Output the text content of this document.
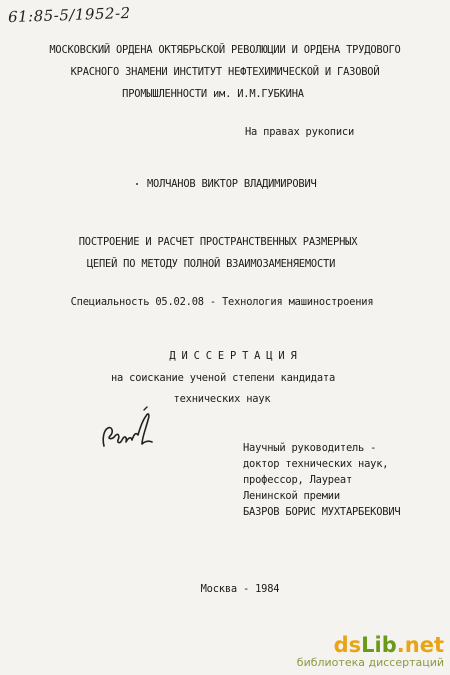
61:85-5/1952-2
МОСКОВСКИЙ ОРДЕНА ОКТЯБРЬСКОЙ РЕВОЛЮЦИИ И ОРДЕНА ТРУДОВОГО
КРАСНОГО ЗНАМЕНИ ИНСТИТУТ НЕФТЕХИМИЧЕСКОЙ И ГАЗОВОЙ
ПРОМЫШЛЕННОСТИ им. И.М.ГУБКИНА
На правах рукописи
МОЛЧАНОВ ВИКТОР ВЛАДИМИРОВИЧ
ПОСТРОЕНИЕ И РАСЧЕТ ПРОСТРАНСТВЕННЫХ РАЗМЕРНЫХ
ЦЕПЕЙ ПО МЕТОДУ ПОЛНОЙ ВЗАИМОЗАМЕНЯЕМОСТИ
Специальность 05.02.08 - Технология машиностроения
Д И С С Е Р Т А Ц И Я
на соискание ученой степени кандидата
технических наук
Научный руководитель -
доктор технических наук,
профессор, Лауреат
Ленинской премии
БАЗРОВ БОРИС МУХТАРБЕКОВИЧ
Москва - 1984
dsLib.net
библиотека диссертаций
